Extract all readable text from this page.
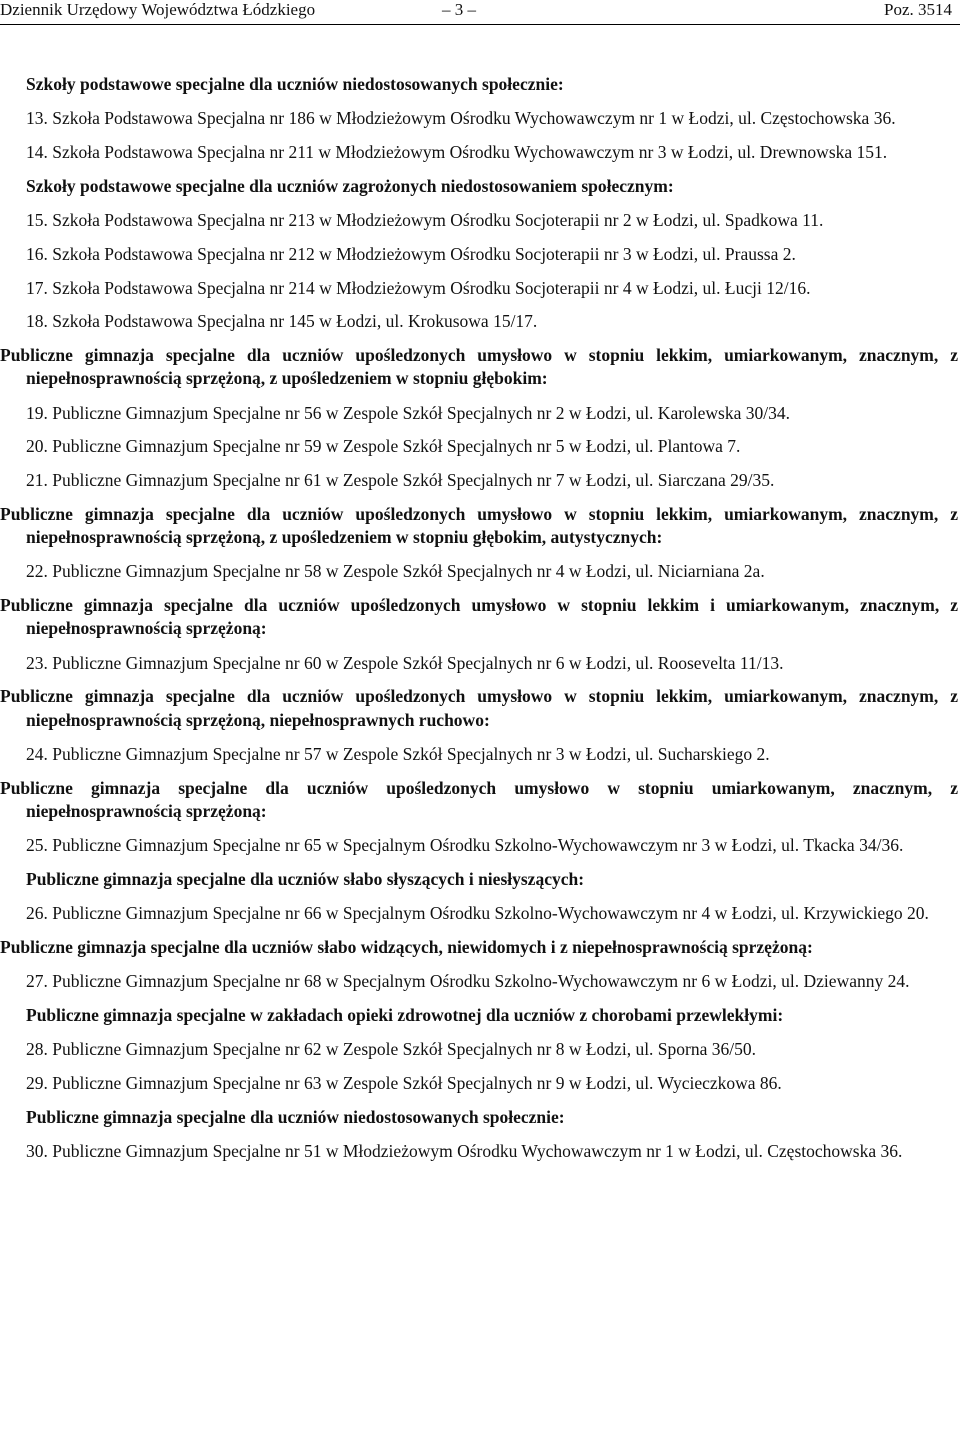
Dziennik Urzędowy Województwa Łódzkiego	– 3 –	Poz. 3514

Szkoły podstawowe specjalne dla uczniów niedostosowanych społecznie:

13. Szkoła Podstawowa Specjalna nr 186 w Młodzieżowym Ośrodku Wychowawczym nr 1 w Łodzi, ul. Częstochowska 36.

14. Szkoła Podstawowa Specjalna nr 211 w Młodzieżowym Ośrodku Wychowawczym nr 3 w Łodzi, ul. Drewnowska 151.

Szkoły podstawowe specjalne dla uczniów zagrożonych niedostosowaniem społecznym:

15. Szkoła Podstawowa Specjalna nr 213 w Młodzieżowym Ośrodku Socjoterapii nr 2 w Łodzi, ul. Spadkowa 11.

16. Szkoła Podstawowa Specjalna nr 212 w Młodzieżowym Ośrodku Socjoterapii nr 3 w Łodzi, ul. Praussa 2.

17. Szkoła Podstawowa Specjalna nr 214 w Młodzieżowym Ośrodku Socjoterapii nr 4 w Łodzi, ul. Łucji 12/16.

18. Szkoła Podstawowa Specjalna nr 145 w Łodzi, ul. Krokusowa 15/17.

Publiczne gimnazja specjalne dla uczniów upośledzonych umysłowo w stopniu lekkim, umiarkowanym, znacznym, z niepełnosprawnością sprzężoną, z upośledzeniem w stopniu głębokim:

19. Publiczne Gimnazjum Specjalne nr 56 w Zespole Szkół Specjalnych nr 2 w Łodzi, ul. Karolewska 30/34.

20. Publiczne Gimnazjum Specjalne nr 59 w Zespole Szkół Specjalnych nr 5 w Łodzi, ul. Plantowa 7.

21. Publiczne Gimnazjum Specjalne nr 61 w Zespole Szkół Specjalnych nr 7 w Łodzi, ul. Siarczana 29/35.

Publiczne gimnazja specjalne dla uczniów upośledzonych umysłowo w stopniu lekkim, umiarkowanym, znacznym, z niepełnosprawnością sprzężoną, z upośledzeniem w stopniu głębokim, autystycznych:

22. Publiczne Gimnazjum Specjalne nr 58 w Zespole Szkół Specjalnych nr 4 w Łodzi, ul. Niciarniana 2a.

Publiczne gimnazja specjalne dla uczniów upośledzonych umysłowo w stopniu lekkim i umiarkowanym, znacznym, z niepełnosprawnością sprzężoną:

23. Publiczne Gimnazjum Specjalne nr 60 w Zespole Szkół Specjalnych nr 6 w Łodzi, ul. Roosevelta 11/13.

Publiczne gimnazja specjalne dla uczniów upośledzonych umysłowo w stopniu lekkim, umiarkowanym, znacznym, z niepełnosprawnością sprzężoną, niepełnosprawnych ruchowo:

24. Publiczne Gimnazjum Specjalne nr 57 w Zespole Szkół Specjalnych nr 3 w Łodzi, ul. Sucharskiego 2.

Publiczne gimnazja specjalne dla uczniów upośledzonych umysłowo w stopniu umiarkowanym, znacznym, z niepełnosprawnością sprzężoną:

25. Publiczne Gimnazjum Specjalne nr 65 w Specjalnym Ośrodku Szkolno-Wychowawczym nr 3 w Łodzi, ul. Tkacka 34/36.

Publiczne gimnazja specjalne dla uczniów słabo słyszących i niesłyszących:

26. Publiczne Gimnazjum Specjalne nr 66 w Specjalnym Ośrodku Szkolno-Wychowawczym nr 4 w Łodzi, ul. Krzywickiego 20.

Publiczne gimnazja specjalne dla uczniów słabo widzących, niewidomych i z niepełnosprawnością sprzężoną:

27. Publiczne Gimnazjum Specjalne nr 68 w Specjalnym Ośrodku Szkolno-Wychowawczym nr 6 w Łodzi, ul. Dziewanny 24.

Publiczne gimnazja specjalne w zakładach opieki zdrowotnej dla uczniów z chorobami przewlekłymi:

28. Publiczne Gimnazjum Specjalne nr 62 w Zespole Szkół Specjalnych nr 8 w Łodzi, ul. Sporna 36/50.

29. Publiczne Gimnazjum Specjalne nr 63 w Zespole Szkół Specjalnych nr 9 w Łodzi, ul. Wycieczkowa 86.

Publiczne gimnazja specjalne dla uczniów niedostosowanych społecznie:

30. Publiczne Gimnazjum Specjalne nr 51 w Młodzieżowym Ośrodku Wychowawczym nr 1 w Łodzi, ul. Częstochowska 36.
